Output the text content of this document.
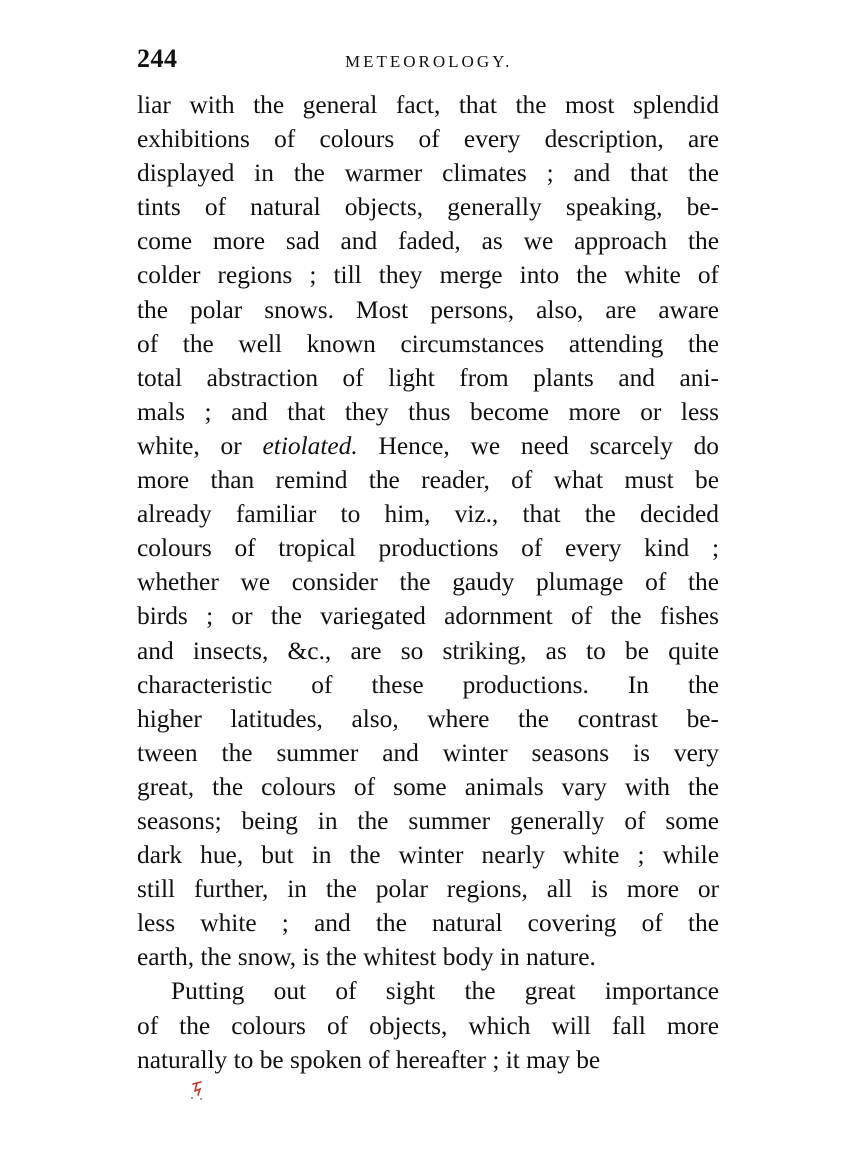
244	METEOROLOGY.
liar with the general fact, that the most splendid
exhibitions of colours of every description, are
displayed in the warmer climates ; and that the
tints of natural objects, generally speaking, be-
come more sad and faded, as we approach the
colder regions ; till they merge into the white of
the polar snows. Most persons, also, are aware
of the well known circumstances attending the
total abstraction of light from plants and ani-
mals ; and that they thus become more or less
white, or etiolated. Hence, we need scarcely do
more than remind the reader, of what must be
already familiar to him, viz., that the decided
colours of tropical productions of every kind ;
whether we consider the gaudy plumage of the
birds ; or the variegated adornment of the fishes
and insects, &c., are so striking, as to be quite
characteristic of these productions. In the
higher latitudes, also, where the contrast be-
tween the summer and winter seasons is very
great, the colours of some animals vary with the
seasons; being in the summer generally of some
dark hue, but in the winter nearly white ; while
still further, in the polar regions, all is more or
less white ; and the natural covering of the
earth, the snow, is the whitest body in nature.
Putting out of sight the great importance
of the colours of objects, which will fall more
naturally to be spoken of hereafter ; it may be
